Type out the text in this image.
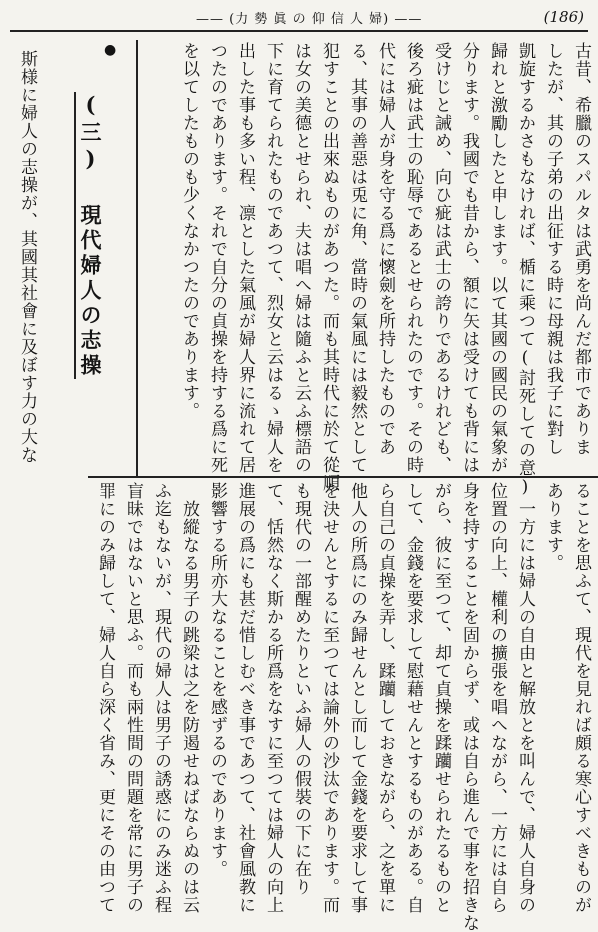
—— (力 勢 眞 の 仰 信 人 婦) ——	(186)
●	古昔、希臘のスパルタは武勇を尚んだ都市でありま
したが、其の子弟の出征する時に母親は我子に對し
凱旋するかさもなければ、楯に乘つて(討死しての意)
歸れと激勵したと申します。以て其國の國民の氣象が
分ります。我國でも昔から、額に矢は受けても背には
受けじと誡め、向ひ疵は武士の誇りであるけれども、
後ろ疵は武士の恥辱であるとせられたのです。その時
代には婦人が身を守る爲に懷劍を所持したものであ
る、其事の善惡は兎に角、當時の氣風には毅然として
犯すことの出來ぬものがあつた。而も其時代に於て從順
は女の美德とせられ、夫は唱へ婦は隨ふと云ふ標語の
下に育てられたものであつて、烈女と云はるゝ婦人を
出した事も多い程、凛とした氣風が婦人界に流れて居
つたのであります。それで自分の貞操を持する爲に死
を以てしたものも少くなかつたのであります。
(三) 現代婦人の志操
斯様に婦人の志操が、其國其社會に及ぼす力の大な
ることを思ふて、現代を見れば頗る寒心すべきものが
あります。
一方には婦人の自由と解放とを叫んで、婦人自身の
位置の向上、權利の擴張を唱へながら、一方には自ら
身を持することを固からず、或は自ら進んで事を招きな
がら、彼に至つて、却て貞操を蹂躪せられたるものと
して、金錢を要求して慰藉せんとするものがある。自
ら自己の貞操を弄し、蹂躪しておきながら、之を單に
他人の所爲にのみ歸せんとし而して金錢を要求して事
を決せんとするに至つては論外の沙汰であります。而
も現代の一部醒めたりといふ婦人の假裝の下に在り
て、恬然なく斯かる所爲をなすに至つては婦人の向上
進展の爲にも甚だ惜しむべき事であつて、社會風教に
影響する所亦大なることを感ずるのであります。
放縱なる男子の跳梁は之を防遏せねばならぬのは云
ふ迄もないが、現代の婦人は男子の誘惑にのみ迷ふ程
盲昧ではないと思ふ。而も兩性間の問題を常に男子の
罪にのみ歸して、婦人自ら深く省み、更にその由つて
